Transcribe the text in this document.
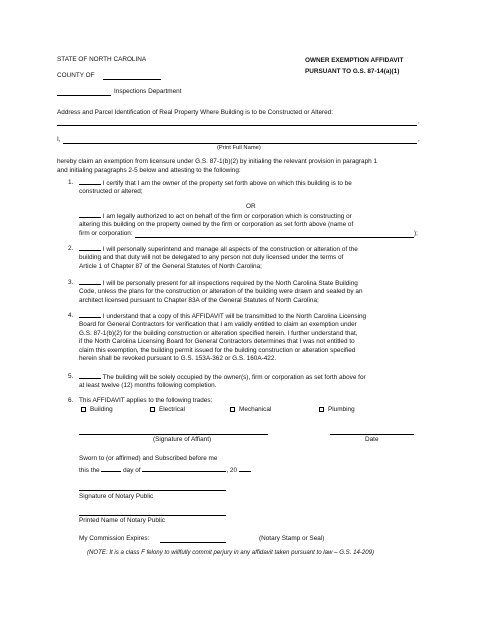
STATE OF NORTH CAROLINA
COUNTY OF
Inspections Department
OWNER EXEMPTION AFFIDAVIT
PURSUANT TO G.S. 87-14(a)(1)
Address and Parcel Identification of Real Property Where Building is to be Constructed or Altered:
,
I,	,
(Print Full Name)
hereby claim an exemption from licensure under G.S. 87-1(b)(2) by initialing the relevant provision in paragraph 1
and initialing paragraphs 2-5 below and attesting to the following:
1.	I certify that I am the owner of the property set forth above on which this building is to be
constructed or altered;
OR
I am legally authorized to act on behalf of the firm or corporation which is constructing or
altering this building on the property owned by the firm or corporation as set forth above (name of
firm or corporation:	);
2.	I will personally superintend and manage all aspects of the construction or alteration of the
building and that duty will not be delegated to any person not duly licensed under the terms of
Article 1 of Chapter 87 of the General Statutes of North Carolina;
3.	I will be personally present for all inspections required by the North Carolina State Building
Code, unless the plans for the construction or alteration of the building were drawn and sealed by an
architect licensed pursuant to Chapter 83A of the General Statutes of North Carolina;
4.	I understand that a copy of this AFFIDAVIT will be transmitted to the North Carolina Licensing
Board for General Contractors for verification that I am validly entitled to claim an exemption under
G.S. 87-1(b)(2) for the building construction or alteration specified herein. I further understand that,
if the North Carolina Licensing Board for General Contractors determines that I was not entitled to
claim this exemption, the building permit issued for the building construction or alteration specified
herein shall be revoked pursuant to G.S. 153A-362 or G.S. 160A-422.
5.	The building will be solely occupied by the owner(s), firm or corporation as set forth above for
at least twelve (12) months following completion.
6. This AFFIDAVIT applies to the following trades:
Building	Electrical	Mechanical	Plumbing
(Signature of Affiant)	Date
Sworn to (or affirmed) and Subscribed before me
this the	day of	, 20
Signature of Notary Public
Printed Name of Notary Public
My Commission Expires:	(Notary Stamp or Seal)
(NOTE: It is a class F felony to willfully commit perjury in any affidavit taken pursuant to law – G.S. 14-209)
